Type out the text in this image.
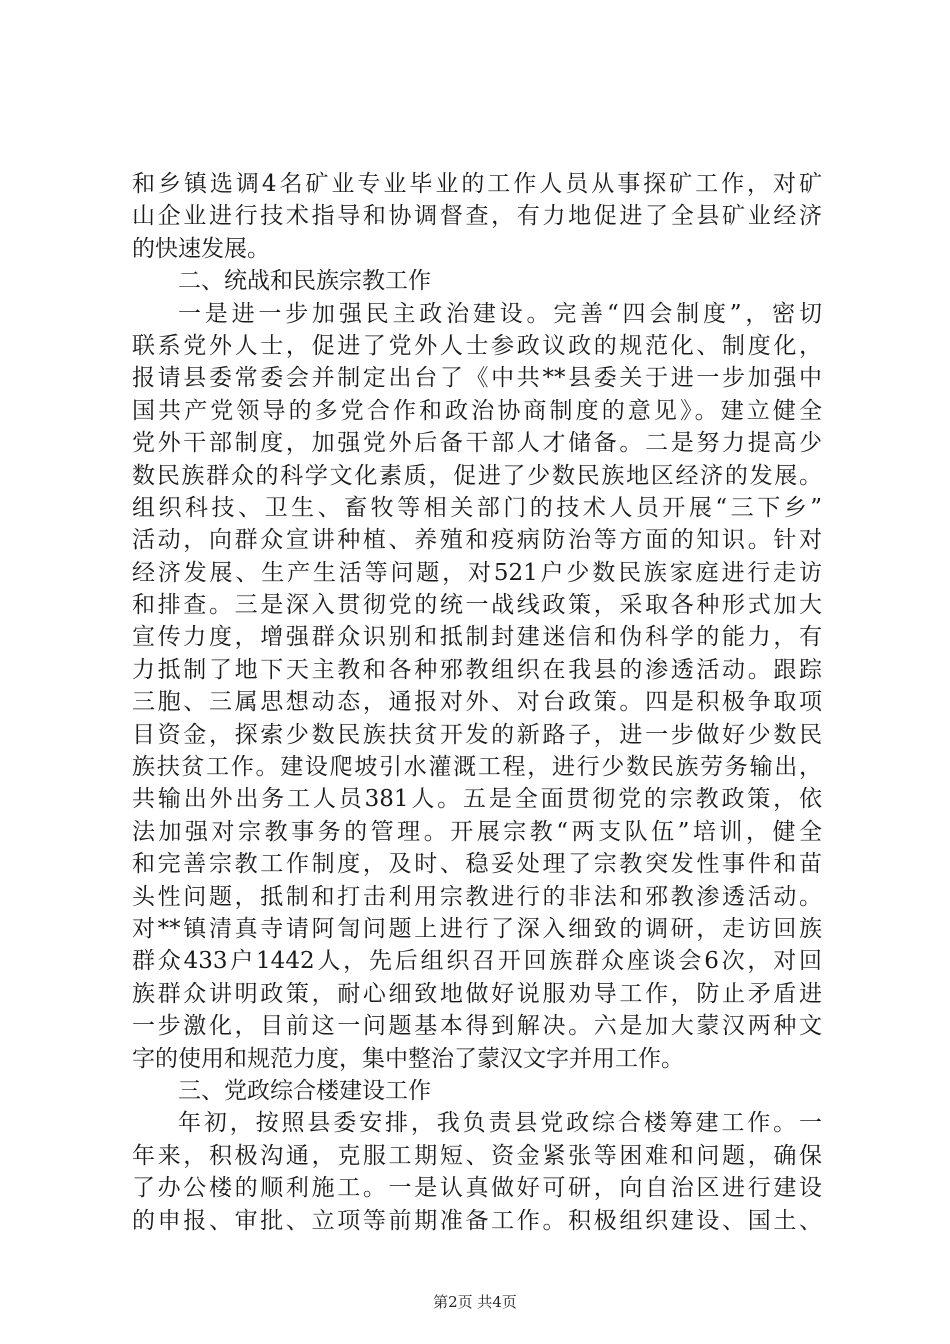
和乡镇选调4名矿业专业毕业的工作人员从事探矿工作，对矿
山企业进行技术指导和协调督查，有力地促进了全县矿业经济
的快速发展。
二、统战和民族宗教工作
一是进一步加强民主政治建设。完善“四会制度”，密切
联系党外人士，促进了党外人士参政议政的规范化、制度化，
报请县委常委会并制定出台了《中共**县委关于进一步加强中
国共产党领导的多党合作和政治协商制度的意见》。建立健全
党外干部制度，加强党外后备干部人才储备。二是努力提高少
数民族群众的科学文化素质，促进了少数民族地区经济的发展。
组织科技、卫生、畜牧等相关部门的技术人员开展“三下乡”
活动，向群众宣讲种植、养殖和疫病防治等方面的知识。针对
经济发展、生产生活等问题，对521户少数民族家庭进行走访
和排查。三是深入贯彻党的统一战线政策，采取各种形式加大
宣传力度，增强群众识别和抵制封建迷信和伪科学的能力，有
力抵制了地下天主教和各种邪教组织在我县的渗透活动。跟踪
三胞、三属思想动态，通报对外、对台政策。四是积极争取项
目资金，探索少数民族扶贫开发的新路子，进一步做好少数民
族扶贫工作。建设爬坡引水灌溉工程，进行少数民族劳务输出，
共输出外出务工人员381人。五是全面贯彻党的宗教政策，依
法加强对宗教事务的管理。开展宗教“两支队伍”培训，健全
和完善宗教工作制度，及时、稳妥处理了宗教突发性事件和苗
头性问题，抵制和打击利用宗教进行的非法和邪教渗透活动。
对**镇清真寺请阿訇问题上进行了深入细致的调研，走访回族
群众433户1442人，先后组织召开回族群众座谈会6次，对回
族群众讲明政策，耐心细致地做好说服劝导工作，防止矛盾进
一步激化，目前这一问题基本得到解决。六是加大蒙汉两种文
字的使用和规范力度，集中整治了蒙汉文字并用工作。
三、党政综合楼建设工作
年初，按照县委安排，我负责县党政综合楼筹建工作。一
年来，积极沟通，克服工期短、资金紧张等困难和问题，确保
了办公楼的顺利施工。一是认真做好可研，向自治区进行建设
的申报、审批、立项等前期准备工作。积极组织建设、国土、
第2页 共4页
